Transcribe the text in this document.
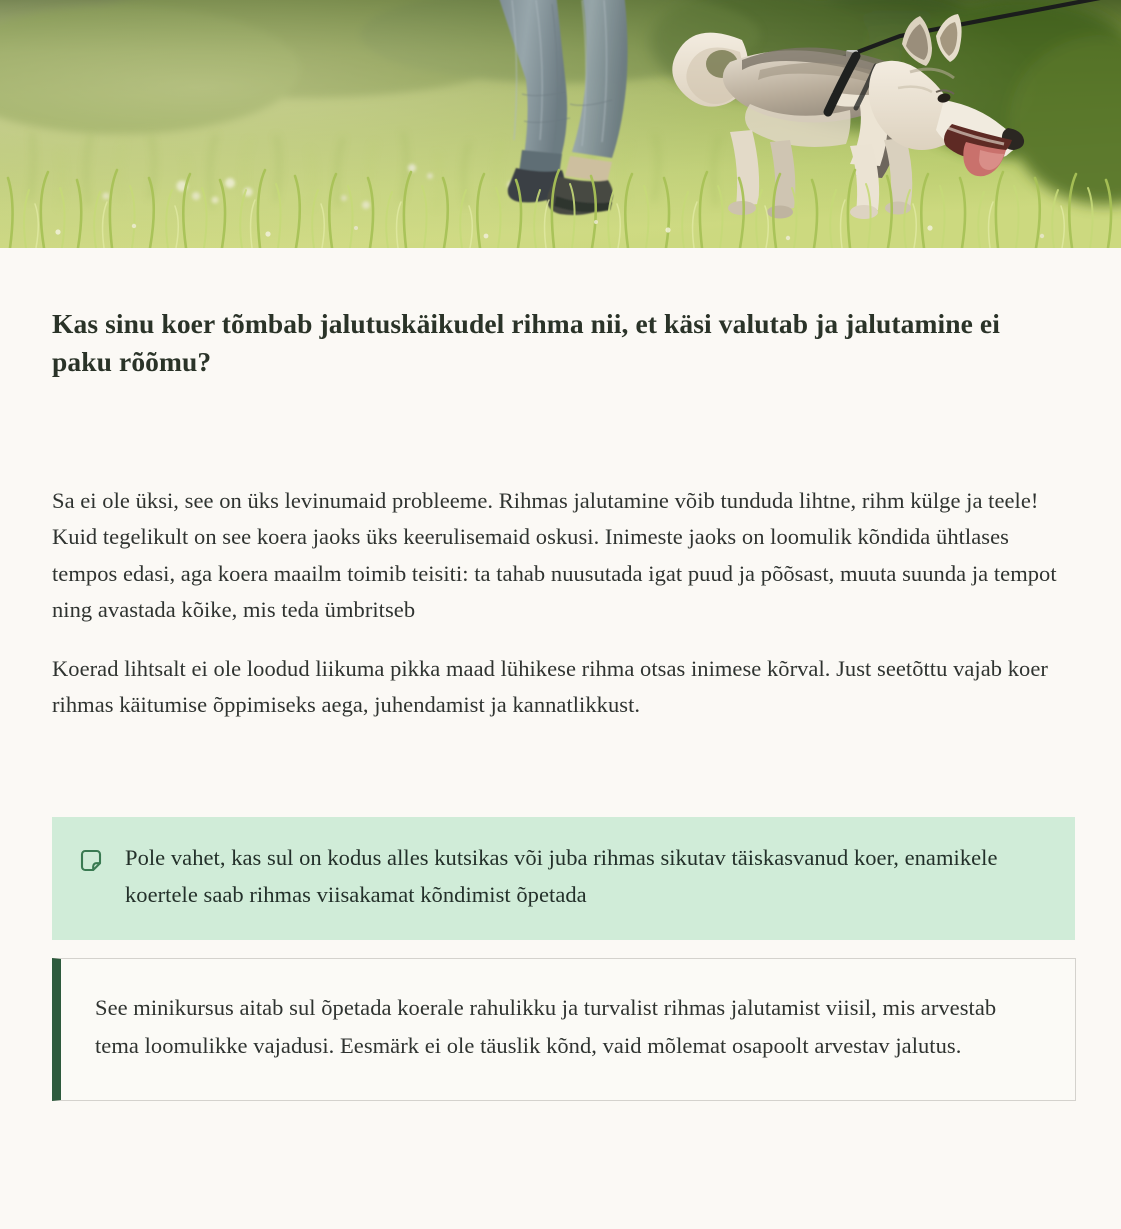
Kas sinu koer tõmbab jalutuskäikudel rihma nii, et käsi valutab ja jalutamine ei paku rõõmu?

Sa ei ole üksi, see on üks levinumaid probleeme. Rihmas jalutamine võib tunduda lihtne, rihm külge ja teele! Kuid tegelikult on see koera jaoks üks keerulisemaid oskusi. Inimeste jaoks on loomulik kõndida ühtlases tempos edasi, aga koera maailm toimib teisiti: ta tahab nuusutada igat puud ja põõsast, muuta suunda ja tempot ning avastada kõike, mis teda ümbritseb

Koerad lihtsalt ei ole loodud liikuma pikka maad lühikese rihma otsas inimese kõrval. Just seetõttu vajab koer rihmas käitumise õppimiseks aega, juhendamist ja kannatlikkust.

Pole vahet, kas sul on kodus alles kutsikas või juba rihmas sikutav täiskasvanud koer, enamikele koertele saab rihmas viisakamat kõndimist õpetada

See minikursus aitab sul õpetada koerale rahulikku ja turvalist rihmas jalutamist viisil, mis arvestab tema loomulikke vajadusi. Eesmärk ei ole täuslik kõnd, vaid mõlemat osapoolt arvestav jalutus.
